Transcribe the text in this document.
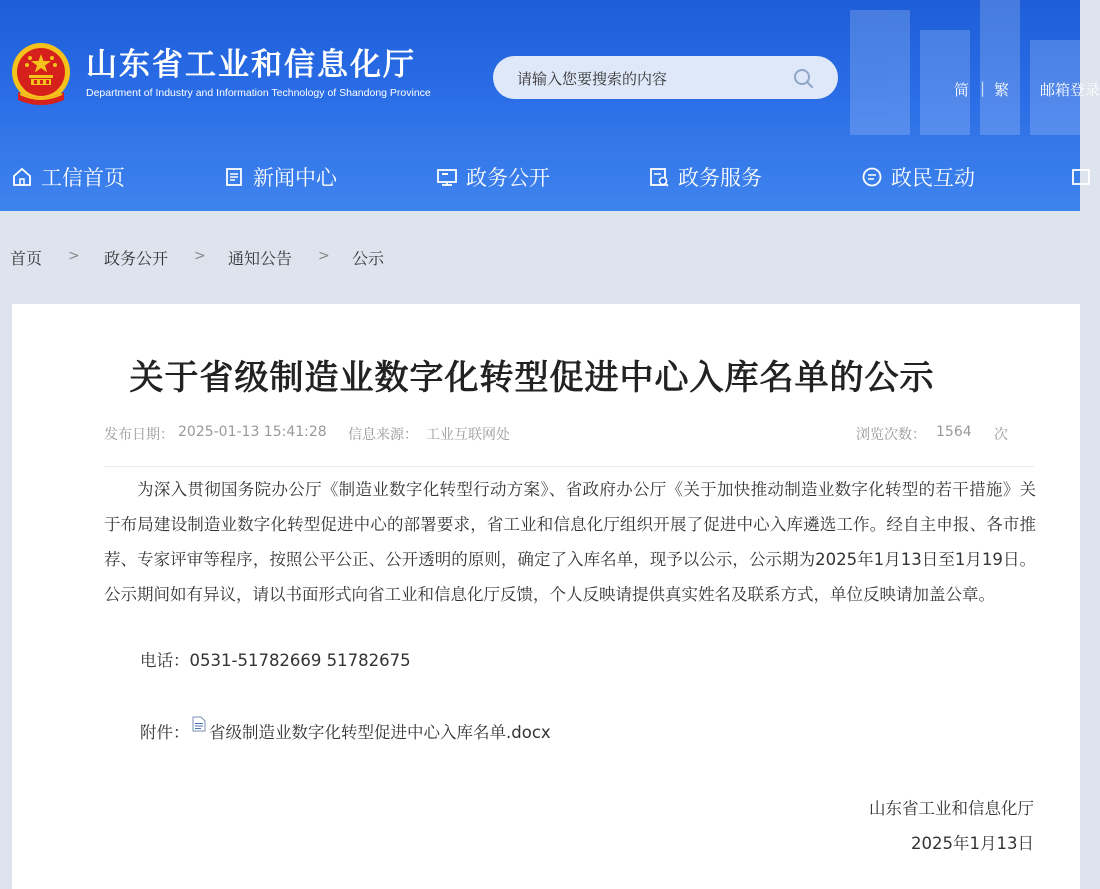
山东省工业和信息化厅
Department of Industry and Information Technology of Shandong Province
请输入您要搜索的内容	简 | 繁 邮箱登录
工信首页	新闻中心	政务公开	政务服务	政民互动
首页 > 政务公开 > 通知公告 > 公示
关于省级制造业数字化转型促进中心入库名单的公示
发布日期： 2025-01-13 15:41:28 信息来源： 工业互联网处	浏览次数： 1564 次

为深入贯彻国务院办公厅《制造业数字化转型行动方案》、省政府办公厅《关于加快推动制造业数字化转型的若干措施》关于布局建设制造业数字化转型促进中心的部署要求，省工业和信息化厅组织开展了促进中心入库遴选工作。经自主申报、各市推荐、专家评审等程序，按照公平公正、公开透明的原则，确定了入库名单，现予以公示，公示期为2025年1月13日至1月19日。公示期间如有异议，请以书面形式向省工业和信息化厅反馈，个人反映请提供真实姓名及联系方式，单位反映请加盖公章。

电话：0531-51782669 51782675
附件： 省级制造业数字化转型促进中心入库名单.docx
山东省工业和信息化厅
2025年1月13日
